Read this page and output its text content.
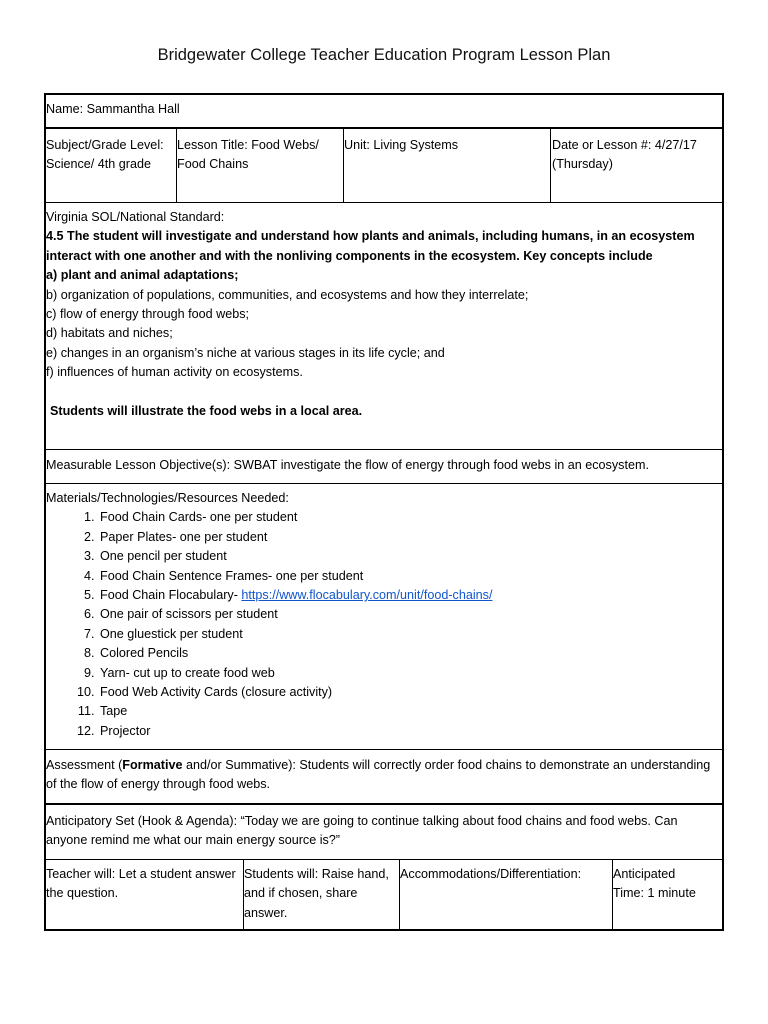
Bridgewater College Teacher Education Program Lesson Plan
Name: Sammantha Hall
Subject/Grade Level: Science/ 4th grade
Lesson Title: Food Webs/ Food Chains
Unit: Living Systems	Date or Lesson #: 4/27/17 (Thursday)

Virginia SOL/National Standard:

4.5 The student will investigate and understand how plants and animals, including humans, in an ecosystem interact with one another and with the nonliving components in the ecosystem. Key concepts include

a) plant and animal adaptations;

b) organization of populations, communities, and ecosystems and how they interrelate;

c) flow of energy through food webs;

d) habitats and niches;

e) changes in an organism’s niche at various stages in its life cycle; and

f) influences of human activity on ecosystems.

Students will illustrate the food webs in a local area.

Measurable Lesson Objective(s): SWBAT investigate the flow of energy through food webs in an ecosystem.

Materials/Technologies/Resources Needed:

1. Food Chain Cards- one per student
2. Paper Plates- one per student
3. One pencil per student
4. Food Chain Sentence Frames- one per student
5. Food Chain Flocabulary- https://www.flocabulary.com/unit/food-chains/
6. One pair of scissors per student
7. One gluestick per student
8. Colored Pencils
9. Yarn- cut up to create food web
10. Food Web Activity Cards (closure activity)
11. Tape
12. Projector
Assessment (Formative and/or Summative): Students will correctly order food chains to demonstrate an understanding of the flow of energy through food webs.
Anticipatory Set (Hook & Agenda): “Today we are going to continue talking about food chains and food webs. Can anyone remind me what our main energy source is?”
Teacher will: Let a student answer the question.
Students will: Raise hand, and if chosen, share answer.
Accommodations/Differentiation:	Anticipated Time: 1 minute
